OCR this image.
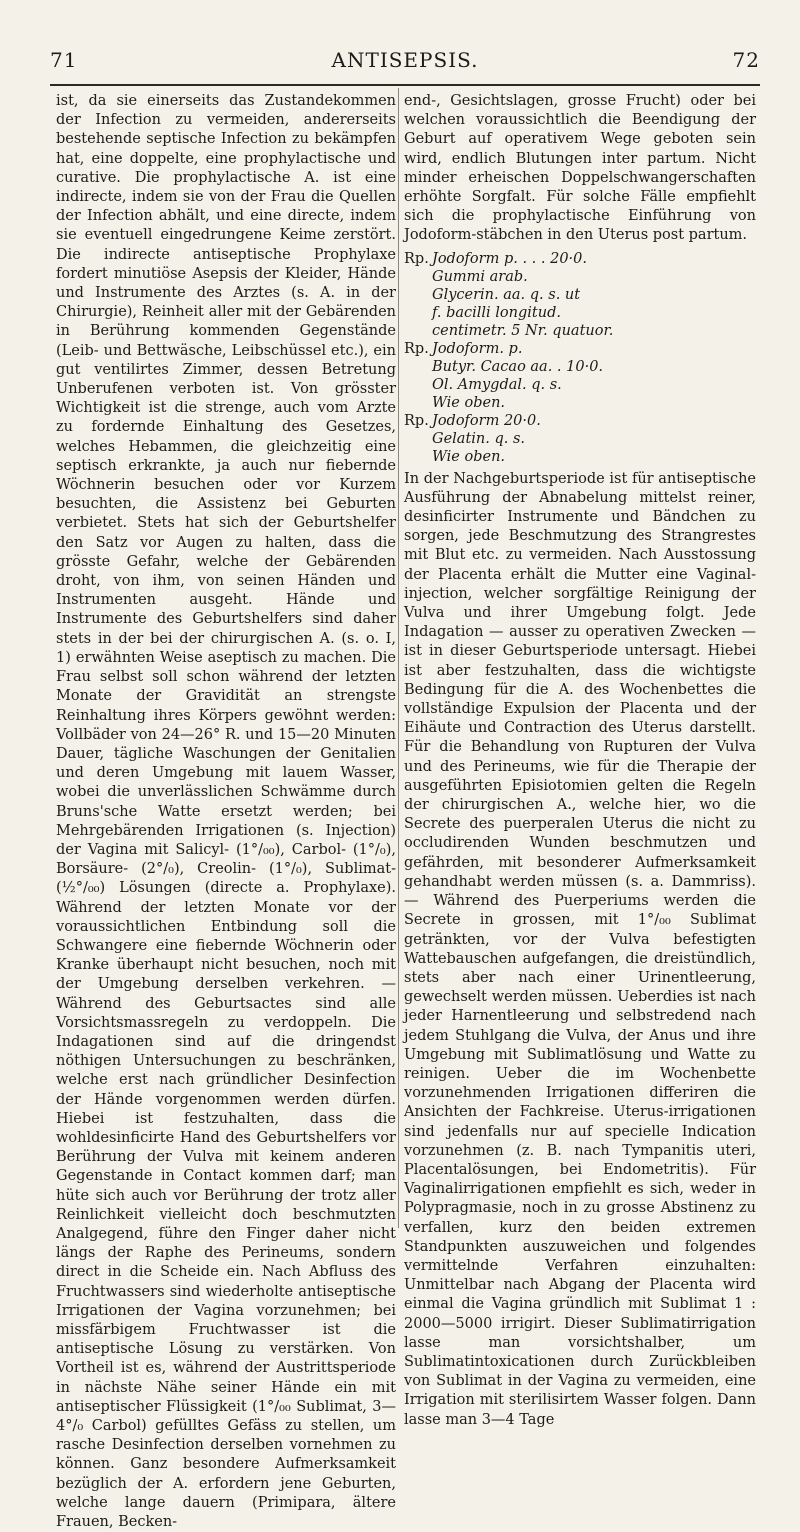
71	ANTISEPSIS.	72

ist, da sie einerseits das Zustandekommen der Infection zu vermeiden, andererseits bestehende septische Infection zu bekämpfen hat, eine doppelte, eine prophylactische und curative. Die prophylactische A. ist eine indirecte, indem sie von der Frau die Quellen der Infection abhält, und eine directe, indem sie eventuell eingedrungene Keime zerstört. Die indirecte antiseptische Prophylaxe fordert minutiöse Asepsis der Kleider, Hände und Instrumente des Arztes (s. A. in der Chirurgie), Reinheit aller mit der Gebärenden in Berührung kommenden Gegenstände (Leib- und Bettwäsche, Leibschüssel etc.), ein gut ventilirtes Zimmer, dessen Betretung Unberufenen verboten ist. Von grösster Wichtigkeit ist die strenge, auch vom Arzte zu fordernde Einhaltung des Gesetzes, welches Hebammen, die gleichzeitig eine septisch erkrankte, ja auch nur fiebernde Wöchnerin besuchen oder vor Kurzem besuchten, die Assistenz bei Geburten verbietet. Stets hat sich der Geburtshelfer den Satz vor Augen zu halten, dass die grösste Gefahr, welche der Gebärenden droht, von ihm, von seinen Händen und Instrumenten ausgeht. Hände und Instrumente des Geburtshelfers sind daher stets in der bei der chirurgischen A. (s. o. I, 1) erwähnten Weise aseptisch zu machen. Die Frau selbst soll schon während der letzten Monate der Gravidität an strengste Reinhaltung ihres Körpers gewöhnt werden: Vollbäder von 24—26° R. und 15—20 Minuten Dauer, tägliche Waschungen der Genitalien und deren Umgebung mit lauem Wasser, wobei die unverlässlichen Schwämme durch Bruns'sche Watte ersetzt werden; bei Mehrgebärenden Irrigationen (s. Injection) der Vagina mit Salicyl- (1°/₀₀), Carbol- (1°/₀), Borsäure- (2°/₀), Creolin- (1°/₀), Sublimat- (½°/₀₀) Lösungen (directe a. Prophylaxe). Während der letzten Monate vor der voraussichtlichen Entbindung soll die Schwangere eine fiebernde Wöchnerin oder Kranke überhaupt nicht besuchen, noch mit der Umgebung derselben verkehren. — Während des Geburtsactes sind alle Vorsichtsmassregeln zu verdoppeln. Die Indagationen sind auf die dringendst nöthigen Untersuchungen zu beschränken, welche erst nach gründlicher Desinfection der Hände vorgenommen werden dürfen. Hiebei ist festzuhalten, dass die wohldesinficirte Hand des Geburtshelfers vor Berührung der Vulva mit keinem anderen Gegenstande in Contact kommen darf; man hüte sich auch vor Berührung der trotz aller Reinlichkeit vielleicht doch beschmutzten Analgegend, führe den Finger daher nicht längs der Raphe des Perineums, sondern direct in die Scheide ein. Nach Abfluss des Fruchtwassers sind wiederholte antiseptische Irrigationen der Vagina vorzunehmen; bei missfärbigem Fruchtwasser ist die antiseptische Lösung zu verstärken. Von Vortheil ist es, während der Austrittsperiode in nächste Nähe seiner Hände ein mit antiseptischer Flüssigkeit (1°/₀₀ Sublimat, 3—4°/₀ Carbol) gefülltes Gefäss zu stellen, um rasche Desinfection derselben vornehmen zu können. Ganz besondere Aufmerksamkeit bezüglich der A. erfordern jene Geburten, welche lange dauern (Primipara, ältere Frauen, Becken-

end-, Gesichtslagen, grosse Frucht) oder bei welchen voraussichtlich die Beendigung der Geburt auf operativem Wege geboten sein wird, endlich Blutungen inter partum. Nicht minder erheischen Doppelschwangerschaften erhöhte Sorgfalt. Für solche Fälle empfiehlt sich die prophylactische Einführung von Jodoform-stäbchen in den Uterus post partum.

Rp. Jodoform p. . . . 20·0.
Gummi arab.
Glycerin. aa. q. s. ut
f. bacilli longitud.
centimetr. 5 Nr. quatuor.
Rp. Jodoform. p.
Butyr. Cacao aa. . 10·0.
Ol. Amygdal. q. s.
Wie oben.
Rp. Jodoform 20·0.
Gelatin. q. s.
Wie oben.

In der Nachgeburtsperiode ist für antiseptische Ausführung der Abnabelung mittelst reiner, desinficirter Instrumente und Bändchen zu sorgen, jede Beschmutzung des Strangrestes mit Blut etc. zu vermeiden. Nach Ausstossung der Placenta erhält die Mutter eine Vaginal-injection, welcher sorgfältige Reinigung der Vulva und ihrer Umgebung folgt. Jede Indagation — ausser zu operativen Zwecken — ist in dieser Geburtsperiode untersagt. Hiebei ist aber festzuhalten, dass die wichtigste Bedingung für die A. des Wochenbettes die vollständige Expulsion der Placenta und der Eihäute und Contraction des Uterus darstellt. Für die Behandlung von Rupturen der Vulva und des Perineums, wie für die Therapie der ausgeführten Episiotomien gelten die Regeln der chirurgischen A., welche hier, wo die Secrete des puerperalen Uterus die nicht zu occludirenden Wunden beschmutzen und gefährden, mit besonderer Aufmerksamkeit gehandhabt werden müssen (s. a. Dammriss). — Während des Puerperiums werden die Secrete in grossen, mit 1°/₀₀ Sublimat getränkten, vor der Vulva befestigten Wattebauschen aufgefangen, die dreistündlich, stets aber nach einer Urinentleerung, gewechselt werden müssen. Ueberdies ist nach jeder Harnentleerung und selbstredend nach jedem Stuhlgang die Vulva, der Anus und ihre Umgebung mit Sublimatlösung und Watte zu reinigen. Ueber die im Wochenbette vorzunehmenden Irrigationen differiren die Ansichten der Fachkreise. Uterus-irrigationen sind jedenfalls nur auf specielle Indication vorzunehmen (z. B. nach Tympanitis uteri, Placentalösungen, bei Endometritis). Für Vaginalirrigationen empfiehlt es sich, weder in Polypragmasie, noch in zu grosse Abstinenz zu verfallen, kurz den beiden extremen Standpunkten auszuweichen und folgendes vermittelnde Verfahren einzuhalten: Unmittelbar nach Abgang der Placenta wird einmal die Vagina gründlich mit Sublimat 1 : 2000—5000 irrigirt. Dieser Sublimatirrigation lasse man vorsichtshalber, um Sublimatintoxicationen durch Zurückbleiben von Sublimat in der Vagina zu vermeiden, eine Irrigation mit sterilisirtem Wasser folgen. Dann lasse man 3—4 Tage
